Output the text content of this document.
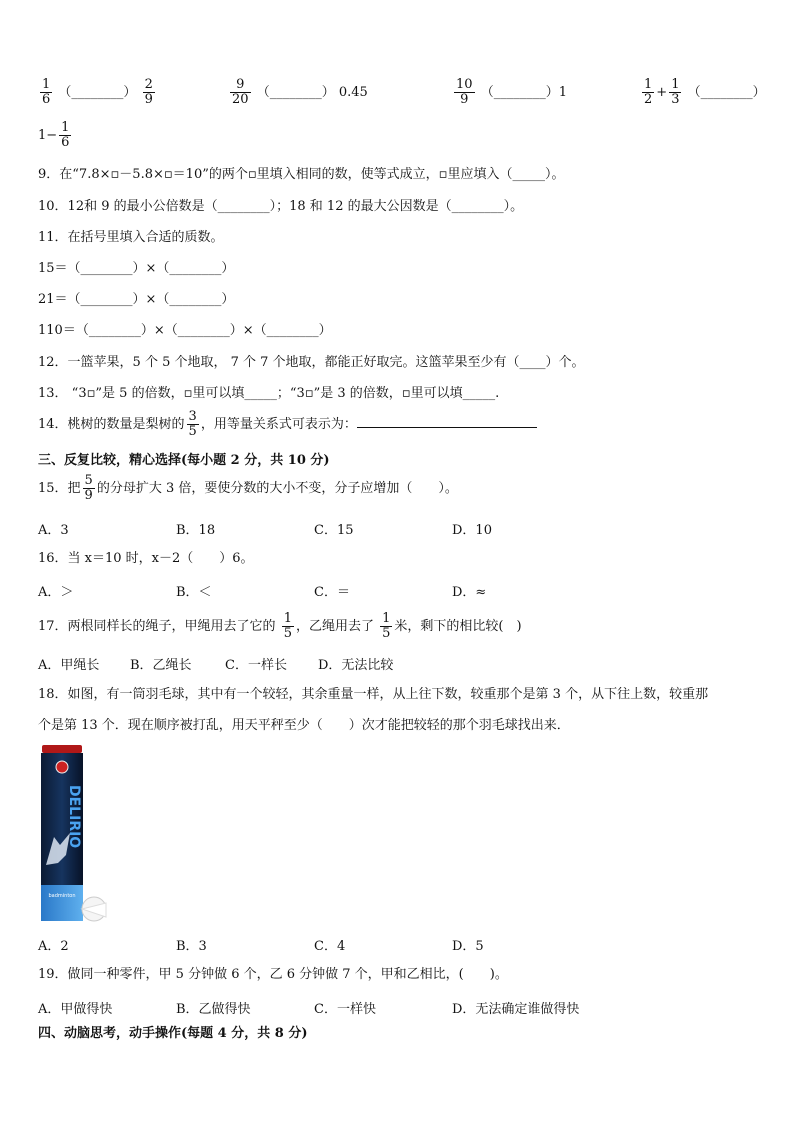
$\frac{1}{6}$ （________） $\frac{2}{9}$	$\frac{9}{20}$ （________） 0.45	$\frac{10}{9}$ （________）1	$\frac{1}{2} + \frac{1}{3}$ （________）
$1- \frac{1}{6}$
9．在“7.8×▫－5.8×▫＝10”的两个▫里填入相同的数，使等式成立，▫里应填入（_____）。
10．12和 9 的最小公倍数是（________）；18 和 12 的最大公因数是（________）。
11．在括号里填入合适的质数。
15＝（________）×（________）
21＝（________）×（________）
110＝（________）×（________）×（________）
12．一篮苹果，5 个 5 个地取， 7 个 7 个地取，都能正好取完。这篮苹果至少有（____）个。
13． “3▫”是 5 的倍数，▫里可以填_____；“3▫”是 3 的倍数，▫里可以填_____.
14．桃树的数量是梨树的 $\frac{3}{5}$ ，用等量关系式可表示为：
三、反复比较，精心选择(每小题 2 分，共 10 分)
15．把 $\frac{5}{9}$ 的分母扩大 3 倍，要使分数的大小不变，分子应增加（　　）。
A．3	B．18	C．15	D．10
16．当 x＝10 时，x－2（　　）6。
A．＞	B．＜	C．＝	D．≈
17．两根同样长的绳子，甲绳用去了它的 $\frac{1}{5}$ ，乙绳用去了 $\frac{1}{5}$ 米，剩下的相比较(　)
A．甲绳长 B．乙绳长	C．一样长 D．无法比较
18．如图，有一筒羽毛球，其中有一个较轻，其余重量一样，从上往下数，较重那个是第 3 个，从下往上数，较重那
个是第 13 个．现在顺序被打乱，用天平秤至少（　　）次才能把较轻的那个羽毛球找出来．
DELIRIO
badminton
A．2	B．3	C．4	D．5
19．做同一种零件，甲 5 分钟做 6 个，乙 6 分钟做 7 个，甲和乙相比，(　　)。
A．甲做得快	B．乙做得快	C．一样快	D．无法确定谁做得快
四、动脑思考，动手操作(每题 4 分，共 8 分)
